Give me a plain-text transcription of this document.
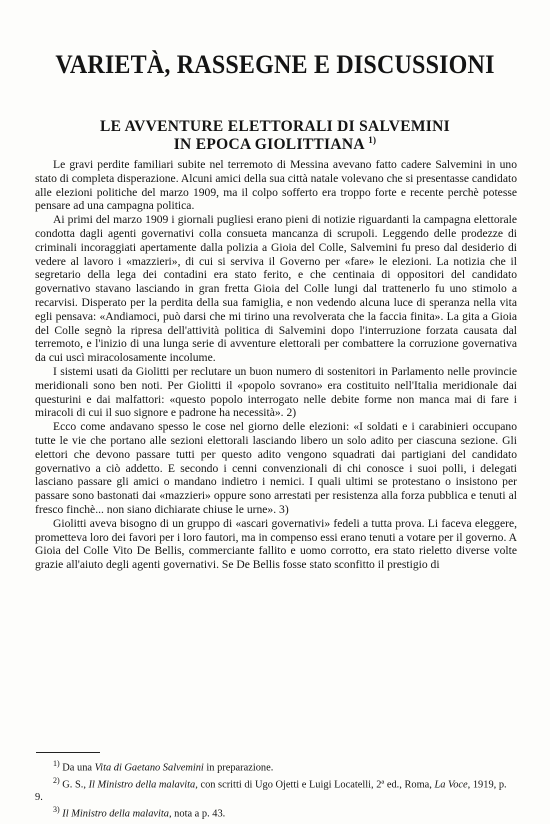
VARIETÀ, RASSEGNE E DISCUSSIONI
LE AVVENTURE ELETTORALI DI SALVEMINI
IN EPOCA GIOLITTIANA $^{1)}$

Le gravi perdite familiari subite nel terremoto di Messina avevano fatto cadere Salvemini in uno stato di completa disperazione. Alcuni amici della sua città natale volevano che si presentasse candidato alle elezioni politiche del marzo 1909, ma il colpo sofferto era troppo forte e recente perchè potesse pensare ad una campagna politica.

Ai primi del marzo 1909 i giornali pugliesi erano pieni di notizie riguardanti la campagna elettorale condotta dagli agenti governativi colla consueta mancanza di scrupoli. Leggendo delle prodezze di criminali incoraggiati apertamente dalla polizia a Gioia del Colle, Salvemini fu preso dal desiderio di vedere al lavoro i «mazzieri», di cui si serviva il Governo per «fare» le elezioni. La notizia che il segretario della lega dei contadini era stato ferito, e che centinaia di oppositori del candidato governativo stavano lasciando in gran fretta Gioia del Colle lungi dal trattenerlo fu uno stimolo a recarvisi. Disperato per la perdita della sua famiglia, e non vedendo alcuna luce di speranza nella vita egli pensava: «Andiamoci, può darsi che mi tirino una revolverata che la faccia finita». La gita a Gioia del Colle segnò la ripresa dell'attività politica di Salvemini dopo l'interruzione forzata causata dal terremoto, e l'inizio di una lunga serie di avventure elettorali per combattere la corruzione governativa da cui uscì miracolosamente incolume.

I sistemi usati da Giolitti per reclutare un buon numero di sostenitori in Parlamento nelle provincie meridionali sono ben noti. Per Giolitti il «popolo sovrano» era costituito nell'Italia meridionale dai questurini e dai malfattori: «questo popolo interrogato nelle debite forme non manca mai di fare i miracoli di cui il suo signore e padrone ha necessità». 2)

Ecco come andavano spesso le cose nel giorno delle elezioni: «I soldati e i carabinieri occupano tutte le vie che portano alle sezioni elettorali lasciando libero un solo adito per ciascuna sezione. Gli elettori che devono passare tutti per questo adito vengono squadrati dai partigiani del candidato governativo a ciò addetto. E secondo i cenni convenzionali di chi conosce i suoi polli, i delegati lasciano passare gli amici o mandano indietro i nemici. I quali ultimi se protestano o insistono per passare sono bastonati dai «mazzieri» oppure sono arrestati per resistenza alla forza pubblica e tenuti al fresco finchè... non siano dichiarate chiuse le urne». 3)

Giolitti aveva bisogno di un gruppo di «ascari governativi» fedeli a tutta prova. Li faceva eleggere, prometteva loro dei favori per i loro fautori, ma in compenso essi erano tenuti a votare per il governo. A Gioia del Colle Vito De Bellis, commerciante fallito e uomo corrotto, era stato rieletto diverse volte grazie all'aiuto degli agenti governativi. Se De Bellis fosse stato sconfitto il prestigio di

$^{1)}$ Da una Vita di Gaetano Salvemini in preparazione.

$^{2)}$ G. S., Il Ministro della malavita, con scritti di Ugo Ojetti e Luigi Locatelli, 2ª ed., Roma, La Voce, 1919, p. 9.

$^{3)}$ Il Ministro della malavita, nota a p. 43.
